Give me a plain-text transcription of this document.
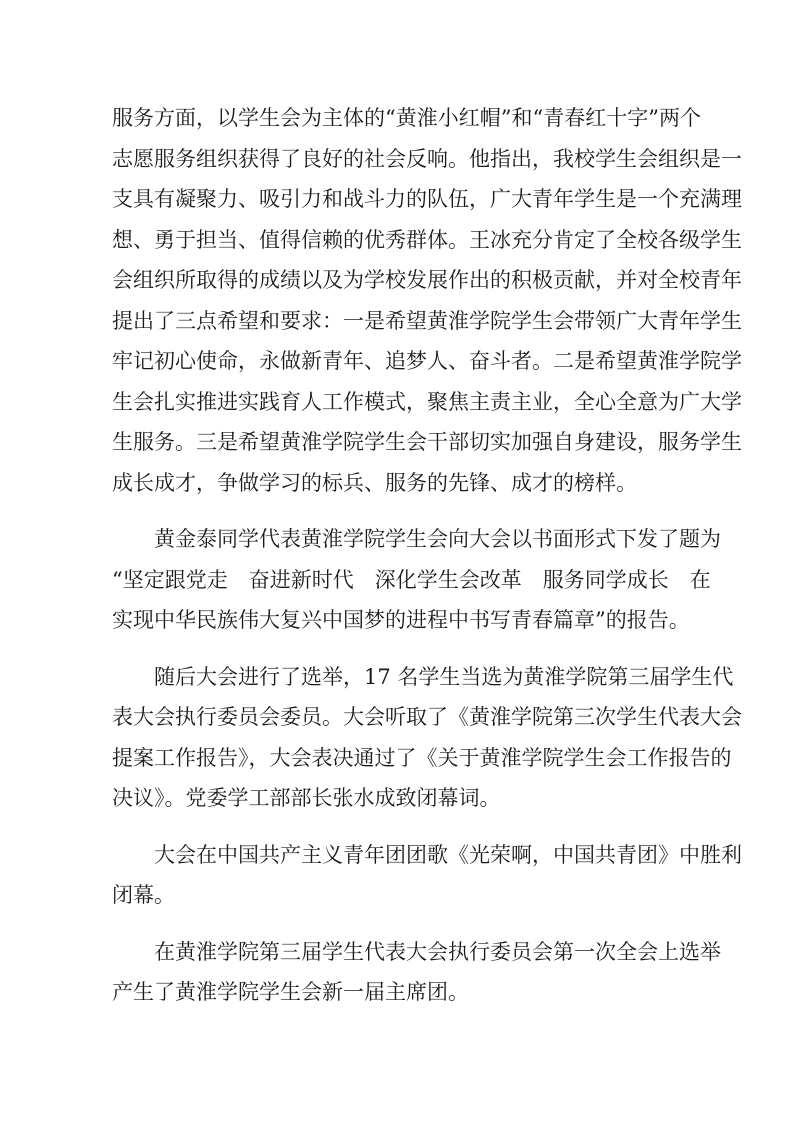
服务方面，以学生会为主体的“黄淮小红帽”和“青春红十字”两个
志愿服务组织获得了良好的社会反响。他指出，我校学生会组织是一
支具有凝聚力、吸引力和战斗力的队伍，广大青年学生是一个充满理
想、勇于担当、值得信赖的优秀群体。王冰充分肯定了全校各级学生
会组织所取得的成绩以及为学校发展作出的积极贡献，并对全校青年
提出了三点希望和要求：一是希望黄淮学院学生会带领广大青年学生
牢记初心使命，永做新青年、追梦人、奋斗者。二是希望黄淮学院学
生会扎实推进实践育人工作模式，聚焦主责主业，全心全意为广大学
生服务。三是希望黄淮学院学生会干部切实加强自身建设，服务学生
成长成才，争做学习的标兵、服务的先锋、成才的榜样。
黄金泰同学代表黄淮学院学生会向大会以书面形式下发了题为
“坚定跟党走　奋进新时代　深化学生会改革　服务同学成长　在
实现中华民族伟大复兴中国梦的进程中书写青春篇章”的报告。
随后大会进行了选举，17 名学生当选为黄淮学院第三届学生代
表大会执行委员会委员。大会听取了《黄淮学院第三次学生代表大会
提案工作报告》，大会表决通过了《关于黄淮学院学生会工作报告的
决议》。党委学工部部长张水成致闭幕词。
大会在中国共产主义青年团团歌《光荣啊，中国共青团》中胜利
闭幕。
在黄淮学院第三届学生代表大会执行委员会第一次全会上选举
产生了黄淮学院学生会新一届主席团。
